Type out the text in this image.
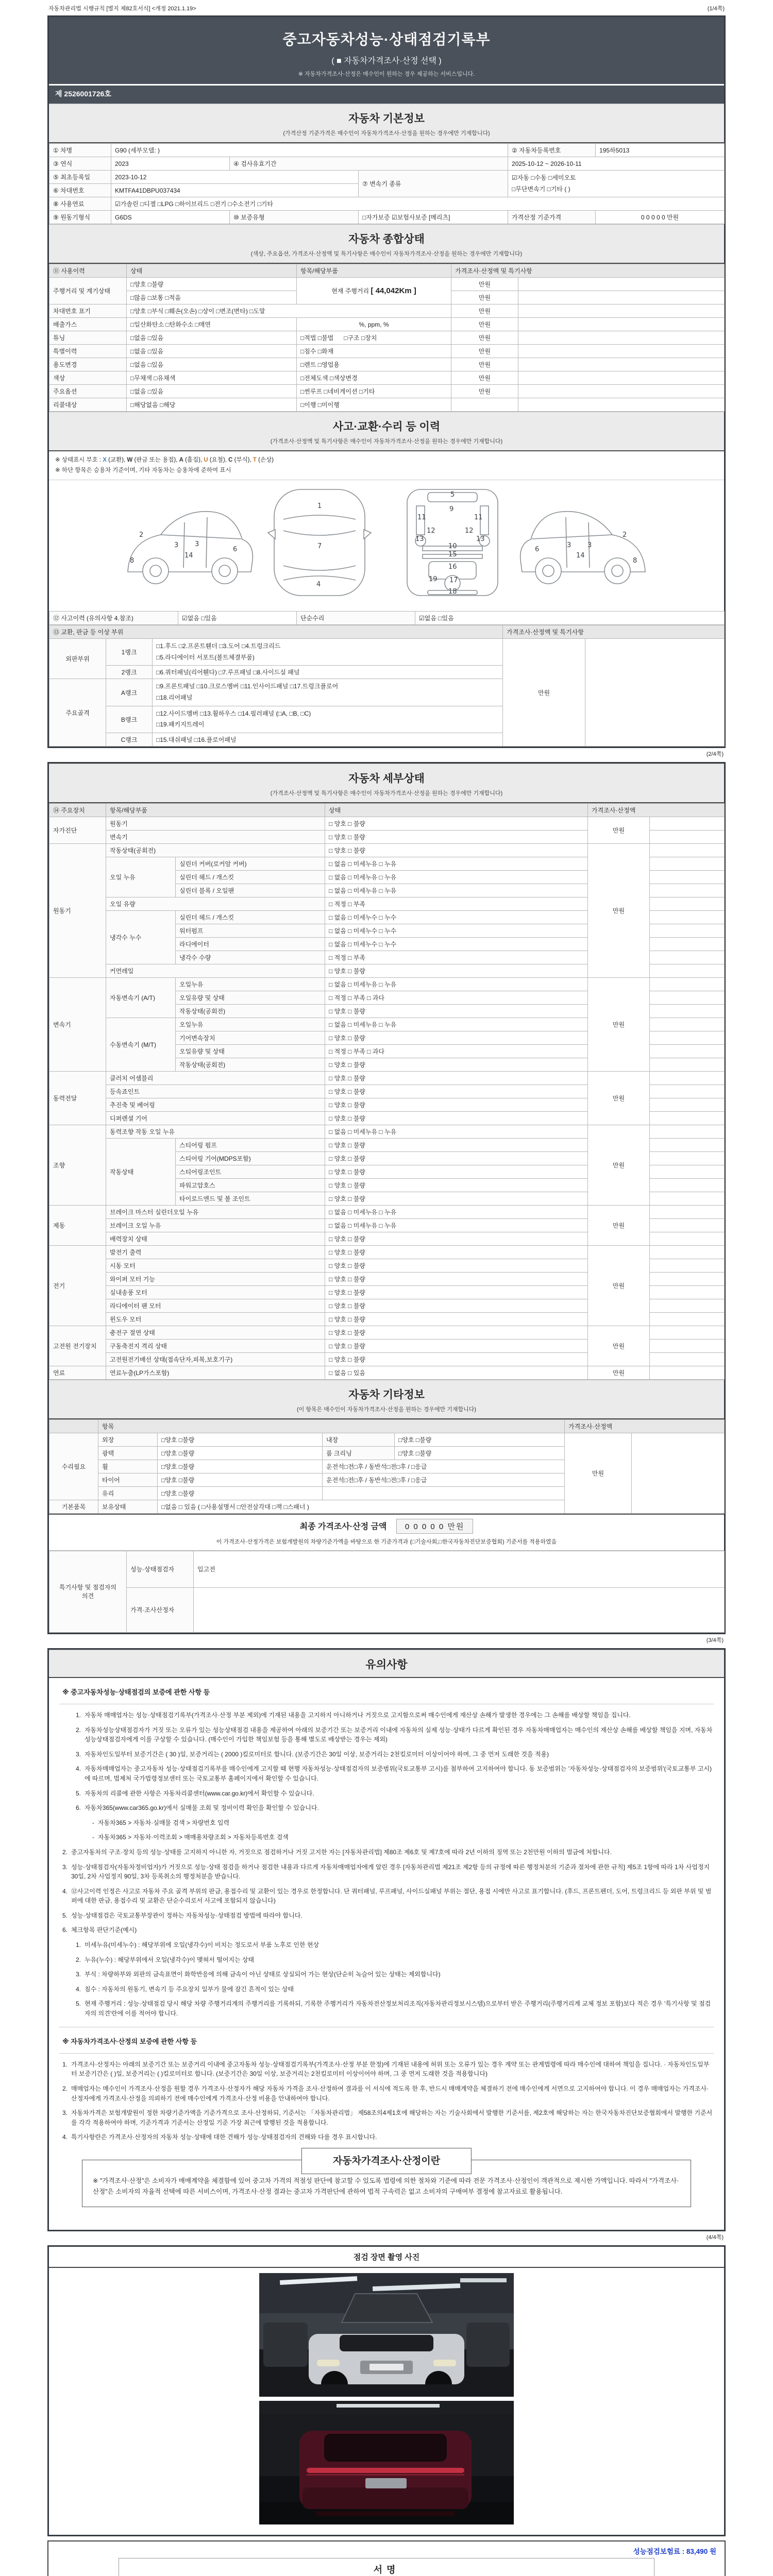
자동차관리법 시행규칙 [별지 제82호서식] <개정 2021.1.19>	(1/4쪽)
중고자동차성능·상태점검기록부
( ■ 자동차가격조사·산정 선택 )
※ 자동차가격조사·산정은 매수인이 원하는 경우 제공하는 서비스입니다.
제 2526001726호
자동차 기본정보
(가격산정 기준가격은 매수인이 자동차가격조사·산정을 원하는 경우에만 기재합니다)
① 차명	G90 (세부모델: )			② 자동차등록번호	195하5013
③ 연식	2023	④ 검사유효기간		2025-10-12 ~ 2026-10-11	
⑤ 최초등록일	2023-10-12		⑦ 변속기 종류	☑자동 □수동 □세미오토
□무단변속기 □기타 ( )	

⑥ 차대번호	KMTFA41DBPU037434				
⑧ 사용연료	☑가솔린 □디젤 □LPG □하이브리드 □전기 □수소전기 □기타				
⑨ 원동기형식	G6DS	⑩ 보증유형	□자가보증 ☑보험사보증 [메리츠]	가격산정 기준가격	0 0 0 0 0 만원
자동차 종합상태
(색상, 주요옵션, 가격조사·산정액 및 특기사항은 매수인이 자동차가격조사·산정을 원하는 경우에만 기재합니다)
⑪ 사용이력	상태	항목/해당부품	가격조사·산정액 및 특기사항	
주행거리 및 계기상태	□양호 □불량	현재 주행거리 [ 44,042Km ]	만원	
	□많음 □보통 □적음		만원	
차대번호 표기	□양호 □부식 □훼손(오손) □상이 □변조(변타) □도말		만원	
배출가스	□일산화탄소 □탄화수소 □매연	%, ppm, %	만원	
튜닝	□없음 □있음	□적법 □불법 □구조 □장치	만원	
특별이력	□없음 □있음	□침수 □화재	만원	
용도변경	□없음 □있음	□렌트 □영업용	만원	
색상	□무채색 □유채색	□전체도색 □색상변경	만원	
주요옵션	□없음 □있음	□썬루프 □네비게이션 □기타	만원	
리콜대상	□해당없음 □해당	□이행 □미이행		
사고·교환·수리 등 이력
(가격조사·산정액 및 특기사항은 매수인이 자동차가격조사·산정을 원하는 경우에만 기재합니다)
※ 상태표시 부호 : X (교환), W (판금 또는 용접), A (흠집), U (요철), C (부식), T (손상)
※ 하단 항목은 승용차 기준이며, 기타 자동차는 승용차에 준하여 표시
2
8
3 3
14
6
1
7
4
5
9
11	11
12	12
13	13
10
15
16
19 17
18
6
14
3 3
2
8
⑫ 사고이력 (유의사항 4.참조)	☑없음 □있음	단순수리	☑없음 □있음
⑬ 교환, 판금 등 이상 부위			가격조사·산정액 및 특기사항	
외판부위	1랭크	□1.후드 □2.프론트휀더 □3.도어 □4.트렁크리드
□5.라디에이터 서포트(볼트체결부품)	만원	
	2랭크	□6.쿼터패널(리어휀다) □7.루프패널 □8.사이드실 패널		
주요골격	A랭크	□9.프론트패널 □10.크로스멤버 □11.인사이드패널 □17.트렁크플로어
□18.리어패널		

	B랭크	□12.사이드멤버 □13.휠하우스 □14.필러패널 (□A, □B, □C)
□19.패키지트레이		

	C랭크	□15.대쉬패널 □16.플로어패널		
(2/4쪽)
자동차 세부상태
(가격조사·산정액 및 특기사항은 매수인이 자동차가격조사·산정을 원하는 경우에만 기재합니다)
⑭ 주요장치	항목/해당부품		상태	가격조사·산정액	
자가진단	원동기		□ 양호 □ 불량	만원	
	변속기		□ 양호 □ 불량		
원동기	작동상태(공회전)		□ 양호 □ 불량	만원	
	오일 누유	실린더 커버(로커암 커버)	□ 없음 □ 미세누유 □ 누유		
		실린더 헤드 / 개스킷	□ 없음 □ 미세누유 □ 누유		
		실린더 블록 / 오일팬	□ 없음 □ 미세누유 □ 누유		
	오일 유량		□ 적정 □ 부족		
	냉각수 누수	실린더 헤드 / 개스킷	□ 없음 □ 미세누수 □ 누수		
		워터펌프	□ 없음 □ 미세누수 □ 누수		
		라디에이터	□ 없음 □ 미세누수 □ 누수		
		냉각수 수량	□ 적정 □ 부족		
	커먼레일		□ 양호 □ 불량		
변속기	자동변속기 (A/T)	오일누유	□ 없음 □ 미세누유 □ 누유	만원	
		오일유량 및 상태	□ 적정 □ 부족 □ 과다		
		작동상태(공회전)	□ 양호 □ 불량		
	수동변속기 (M/T)	오일누유	□ 없음 □ 미세누유 □ 누유		
		기어변속장치	□ 양호 □ 불량		
		오일유량 및 상태	□ 적정 □ 부족 □ 과다		
		작동상태(공회전)	□ 양호 □ 불량		
동력전달	클러치 어셈블리		□ 양호 □ 불량	만원	
	등속죠인트		□ 양호 □ 불량		
	추진축 및 베어링		□ 양호 □ 불량		
	디퍼렌셜 기어		□ 양호 □ 불량		
조향	동력조향 작동 오일 누유		□ 없음 □ 미세누유 □ 누유	만원	
	작동상태	스티어링 펌프	□ 양호 □ 불량		
		스티어링 기어(MDPS포함)	□ 양호 □ 불량		
		스티어링조인트	□ 양호 □ 불량		
		파워고압호스	□ 양호 □ 불량		
		타이로드엔드 및 볼 조인트	□ 양호 □ 불량		
제동	브레이크 마스터 실린더오일 누유		□ 없음 □ 미세누유 □ 누유	만원	
	브레이크 오일 누유		□ 없음 □ 미세누유 □ 누유		
	배력장치 상태		□ 양호 □ 불량		
전기	발전기 출력		□ 양호 □ 불량	만원	
	시동 모터		□ 양호 □ 불량		
	와이퍼 모터 기능		□ 양호 □ 불량		
	실내송풍 모터		□ 양호 □ 불량		
	라디에이터 팬 모터		□ 양호 □ 불량		
	윈도우 모터		□ 양호 □ 불량		
고전원 전기장치	충전구 절연 상태		□ 양호 □ 불량	만원	
	구동축전지 격리 상태		□ 양호 □ 불량		
	고전원전기배선 상태(접속단자,피복,보호기구)		□ 양호 □ 불량		
연료	연료누출(LP가스포함)		□ 없음 □ 있음	만원	
자동차 기타정보
(이 항목은 매수인이 자동차가격조사·산정을 원하는 경우에만 기재합니다)
	항목				가격조사·산정액	
수리필요	외장	□양호 □불량	내장	□양호 □불량	만원	
	광택	□양호 □불량	룸 크리닝	□양호 □불량		
	휠	□양호 □불량	운전석□전□후 / 동반석□전□후 / □응급			
	타이어	□양호 □불량	운전석□전□후 / 동반석□전□후 / □응급			
	유리	□양호 □불량				
기본품목	보유상태	□없음 □ 있음 ( □사용설명서 □안전삼각대 □잭 □스패너 )				
최종 가격조사·산정 금액 0 0 0 0 0 만원
이 가격조사·산정가격은 보험개발원의 차량기준가액을 바탕으로 한 기준가격과 (□기술사회,□한국자동차진단보증협회) 기준서를 적용하였음
특기사항 및 점검자의 의견	성능·상태점검자	입고전
	가격·조사산정자	
(3/4쪽)
유의사항
※ 중고자동차성능·상태점검의 보증에 관한 사항 등
1. 자동차 매매업자는 성능·상태점검기록부(가격조사·산정 부분 제외)에 기재된 내용을 고지하지 아니하거나 거짓으로 고지함으로써 매수인에게 재산상 손해가 발생한 경우에는 그 손해를 배상할 책임을 집니다.
2. 자동차성능상태점검자가 거짓 또는 오류가 있는 성능상태점검 내용을 제공하여 아래의 보증기간 또는 보증거리 이내에 자동차의 실제 성능·상태가 다르게 확인된 경우 자동차매매업자는 매수인의 재산상 손해를 배상할 책임을 지며, 자동차성능상태점검자에게 이를 구상할 수 있습니다. (매수인이 가입한 책임보험 등을 통해 별도로 배상받는 경우는 제외)
3. 자동차인도일부터 보증기간은 ( 30 )일, 보증거리는 ( 2000 )킬로미터로 합니다. (보증기간은 30일 이상, 보증거리는 2천킬로미터 이상이어야 하며, 그 중 먼저 도래한 것을 적용)
4. 자동차매매업자는 중고자동차 성능·상태점검기록부를 매수인에게 고지할 때 현행 자동차성능·상태점검자의 보증범위(국토교통부 고시)를 첨부하여 고지하여야 합니다. 동 보증범위는 '자동차성능·상태점검자의 보증범위'(국토교통부 고시)에 따르며, 법제처 국가법령정보센터 또는 국토교통부 홈페이지에서 확인할 수 있습니다.
5. 자동차의 리콜에 관한 사항은 자동차리콜센터(www.car.go.kr)에서 확인할 수 있습니다.
6. 자동차365(www.car365.go.kr)에서 실매물 조회 및 정비이력 확인을 확인할 수 있습니다.
- 자동차365 > 자동차·실매물 검색 > 차량번호 입력
- 자동차365 > 자동차·이력조회 > 매매용차량조회 > 자동차등록번호 검색
2. 중고자동차의 구조·장치 등의 성능·상태를 고지하지 아니한 자, 거짓으로 점검하거나 거짓 고지한 자는 [자동차관리법] 제80조 제6호 및 제7호에 따라 2년 이하의 징역 또는 2천만원 이하의 벌금에 처합니다.
3. 성능·상태점검자(자동차정비업자)가 거짓으로 성능·상태 점검을 하거나 점검한 내용과 다르게 자동차매매업자에게 알린 경우 [자동차관리법 제21조 제2항 등의 규정에 따른 행정처분의 기준과 절차에 관한 규칙] 제5조 1항에 따라 1차 사업정지 30일, 2차 사업정지 90일, 3차 등록취소의 행정처분을 받습니다.
4. ⑫사고이력 인정은 사고로 자동차 주요 골격 부위의 판금, 용접수리 및 교환이 있는 경우로 한정합니다. 단 쿼터패널, 루프패널, 사이드실패널 부위는 절단, 용접 시에만 사고로 표기합니다. (후드, 프론트펜더, 도어, 트렁크리드 등 외판 부위 및 범퍼에 대한 판금, 용접수리 및 교환은 단순수리로서 사고에 포함되지 않습니다)
5. 성능·상태점검은 국토교통부장관이 정하는 자동차성능·상태점검 방법에 따라야 합니다.
6. 체크항목 판단기준(예시)
1. 미세누유(미세누수) : 해당부위에 오일(냉각수)이 비치는 정도로서 부품 노후로 인한 현상
2. 누유(누수) : 해당부위에서 오일(냉각수)이 맺혀서 떨어지는 상태
3. 부식 : 차량하부와 외판의 금속표면이 화학반응에 의해 금속이 아닌 상태로 상실되어 가는 현상(단순히 녹슬어 있는 상태는 제외합니다)
4. 침수 : 자동차의 원동기, 변속기 등 주요장치 일부가 물에 잠긴 흔적이 있는 상태
5. 현재 주행거리 : 성능·상태점검 당시 해당 차량 주행거리계의 주행거리를 기록하되, 기록한 주행거리가 자동차전산정보처리조직(자동차관리정보시스템)으로부터 받은 주행거리(주행거리계 교체 정보 포함)보다 적은 경우 '특기사항 및 점검자의 의견'란에 이를 적어야 합니다.
※ 자동차가격조사·산정의 보증에 관한 사항 등
1. 가격조사·산정자는 아래의 보증기간 또는 보증거리 이내에 중고자동차 성능·상태점검기록부(가격조사·산정 부분 한정)에 기재된 내용에 허위 또는 오류가 있는 경우 계약 또는 관계법령에 따라 매수인에 대하여 책임을 집니다. · 자동차인도일부터 보증기간은 ( )일, 보증거리는 ( )킬로미터로 합니다. (보증기간은 30일 이상, 보증거리는 2천킬로미터 이상이어야 하며, 그 중 먼저 도래한 것을 적용합니다)
2. 매매업자는 매수인이 가격조사·산정을 원할 경우 가격조사·산정자가 해당 자동차 가격을 조사·산정하여 결과를 이 서식에 적도록 한 후, 반드시 매매계약을 체결하기 전에 매수인에게 서면으로 고지하여야 합니다. 이 경우 매매업자는 가격조사·산정자에게 가격조사·산정을 의뢰하기 전에 매수인에게 가격조사·산정 비용을 안내하여야 합니다.
3. 자동차가격은 보험개발원이 정한 차량기준가액을 기준가격으로 조사·산정하되, 기준서는 「자동차관리법」 제58조의4제1호에 해당하는 자는 기술사회에서 발행한 기준서를, 제2호에 해당하는 자는 한국자동차진단보증협회에서 발행한 기준서를 각각 적용하여야 하며, 기준가격과 기준서는 산정일 기준 가장 최근에 발행된 것을 적용합니다.
4. 특기사항란은 가격조사·산정자의 자동차 성능·상태에 대한 견해가 성능·상태점검자의 견해와 다를 경우 표시합니다.
자동차가격조사·산정이란
※ "가격조사·산정"은 소비자가 매매계약을 체결함에 있어 중고차 가격의 적절성 판단에 참고할 수 있도록 법령에 의한 절차와 기준에 따라 전문 가격조사·산정인이 객관적으로 제시한 가액입니다. 따라서 "가격조사·산정"은 소비자의 자율적 선택에 따른 서비스이며, 가격조사·산정 결과는 중고차 가격판단에 관하여 법적 구속력은 없고 소비자의 구매여부 결정에 참고자료로 활용됩니다.
(4/4쪽)
점검 장면 촬영 사진
성능점검보험료 : 83,490 원
서명
